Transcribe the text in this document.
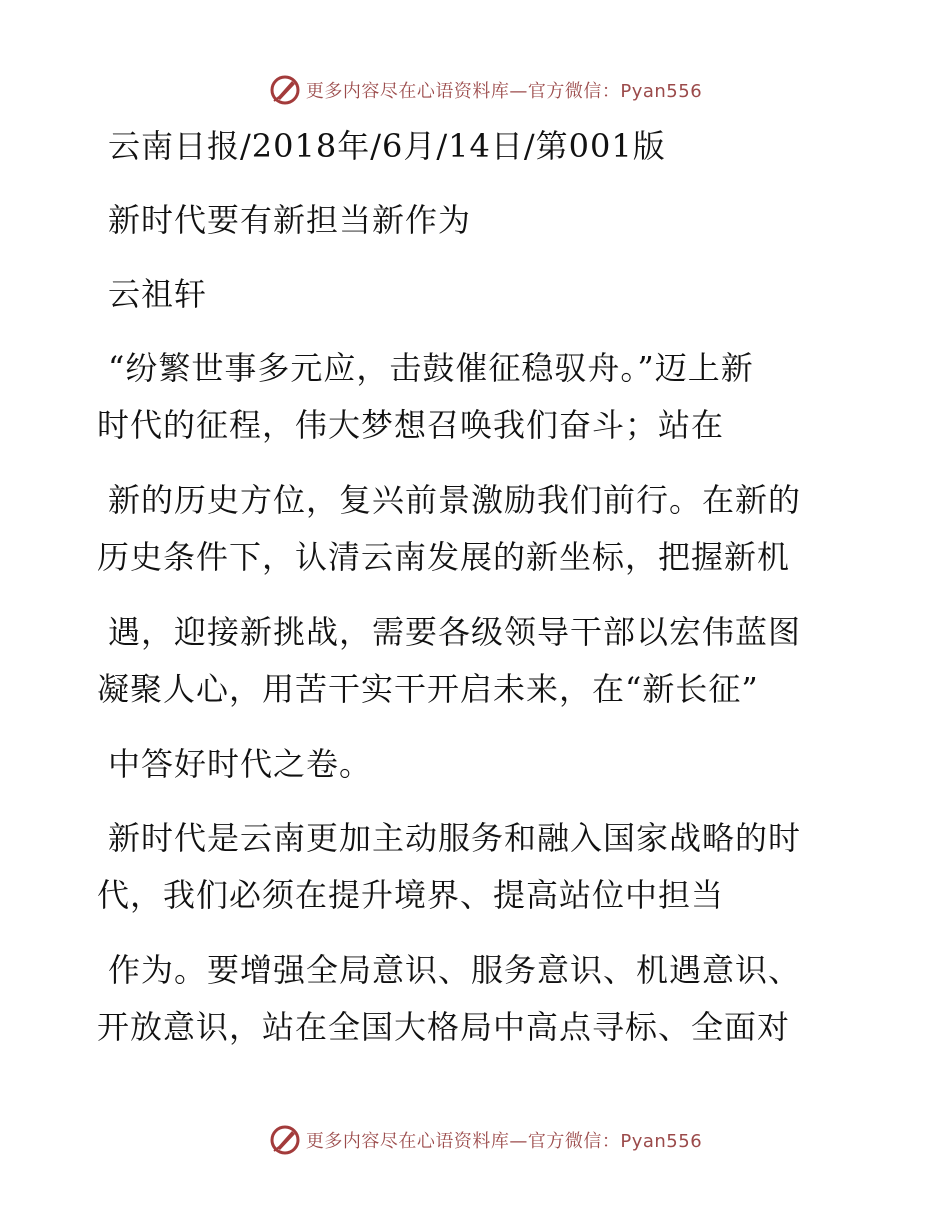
更多内容尽在心语资料库—官方微信：Pyan556
云南日报/2018年/6月/14日/第001版
新时代要有新担当新作为
云祖轩
“纷繁世事多元应，击鼓催征稳驭舟。”迈上新
时代的征程，伟大梦想召唤我们奋斗；站在
新的历史方位，复兴前景激励我们前行。在新的
历史条件下，认清云南发展的新坐标，把握新机
遇，迎接新挑战，需要各级领导干部以宏伟蓝图
凝聚人心，用苦干实干开启未来，在“新长征”
中答好时代之卷。
新时代是云南更加主动服务和融入国家战略的时
代，我们必须在提升境界、提高站位中担当
作为。要增强全局意识、服务意识、机遇意识、
开放意识，站在全国大格局中高点寻标、全面对
更多内容尽在心语资料库—官方微信：Pyan556
